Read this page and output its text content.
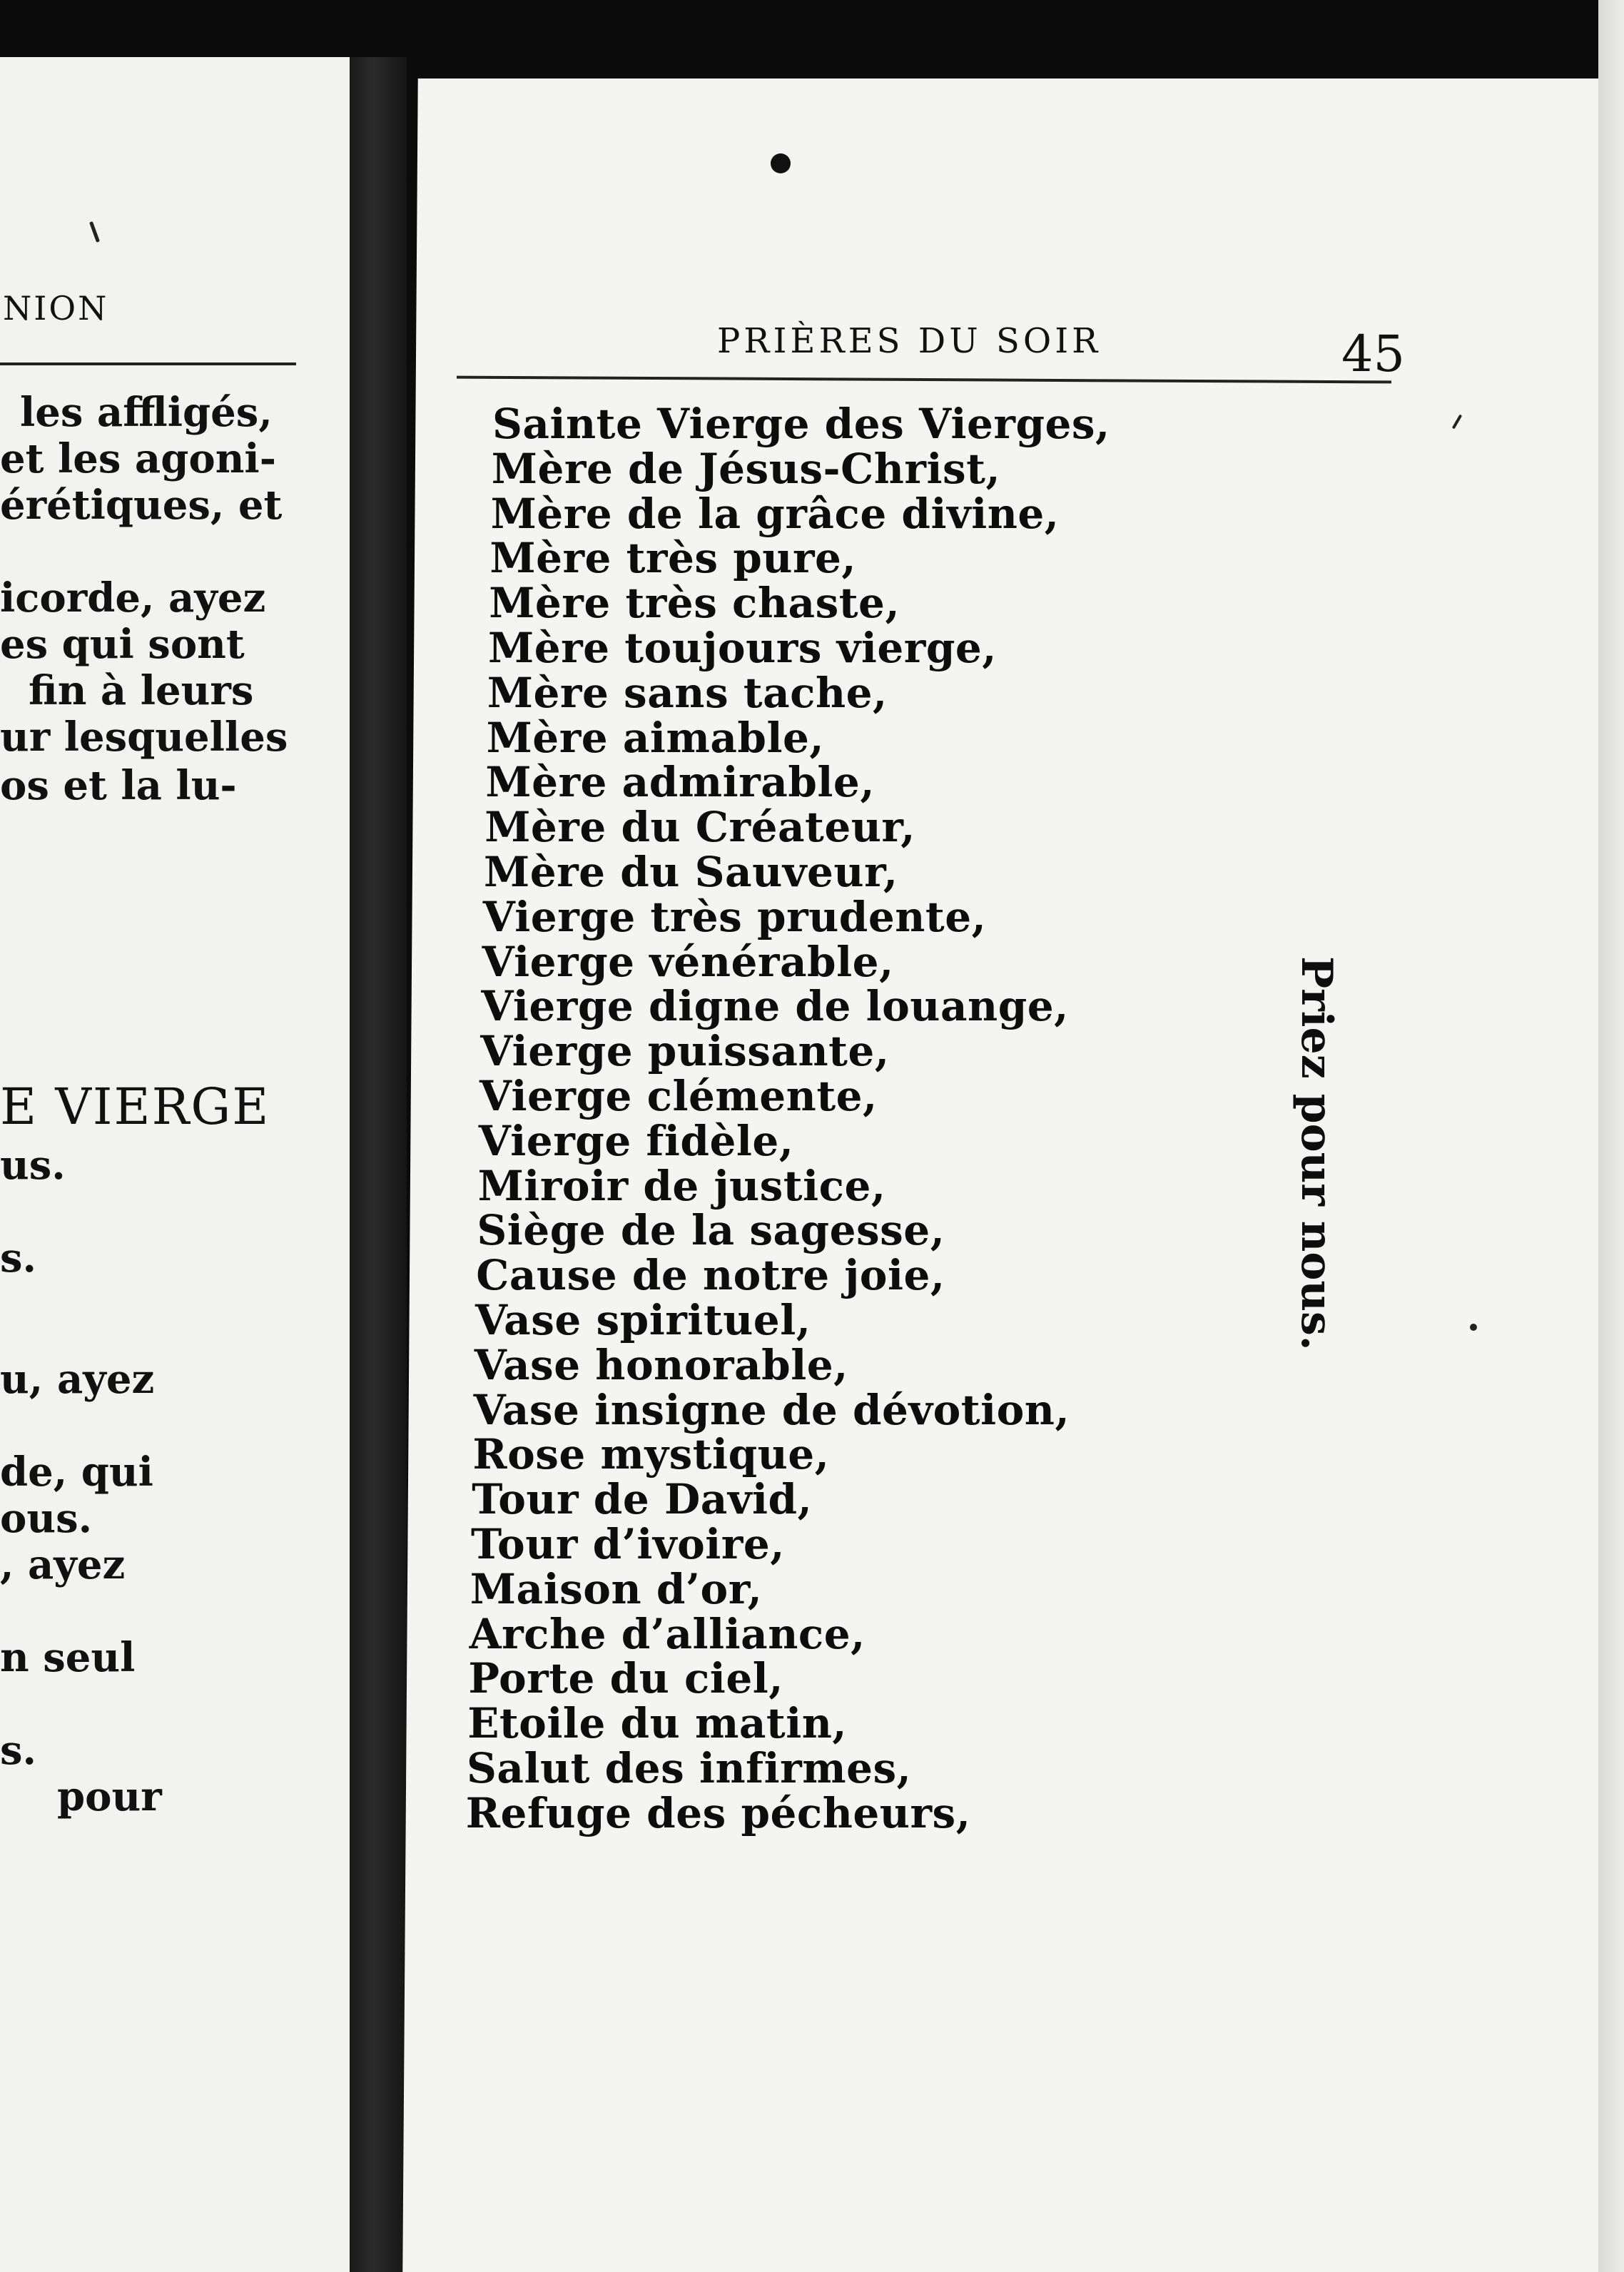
NION
les affligés,
et les agoni-
érétiques, et
icorde, ayez
es qui sont
fin à leurs
ur lesquelles
os et la lu-
E VIERGE
us.
s.
u, ayez
de, qui
ous.
, ayez
n seul
s.
pour
PRIÈRES DU SOIR	45
Sainte Vierge des Vierges,
Mère de Jésus-Christ,
Mère de la grâce divine,
Mère très pure,
Mère très chaste,
Mère toujours vierge,
Mère sans tache,
Mère aimable,
Mère admirable,
Mère du Créateur,
Mère du Sauveur,
Vierge très prudente,
Vierge vénérable,
Vierge digne de louange,
Vierge puissante,
Vierge clémente,
Vierge fidèle,
Miroir de justice,
Siège de la sagesse,
Cause de notre joie,
Vase spirituel,
Vase honorable,
Vase insigne de dévotion,
Rose mystique,
Tour de David,
Tour d’ivoire,
Maison d’or,
Arche d’alliance,
Porte du ciel,
Etoile du matin,
Salut des infirmes,
Refuge des pécheurs,
Priez pour nous.
